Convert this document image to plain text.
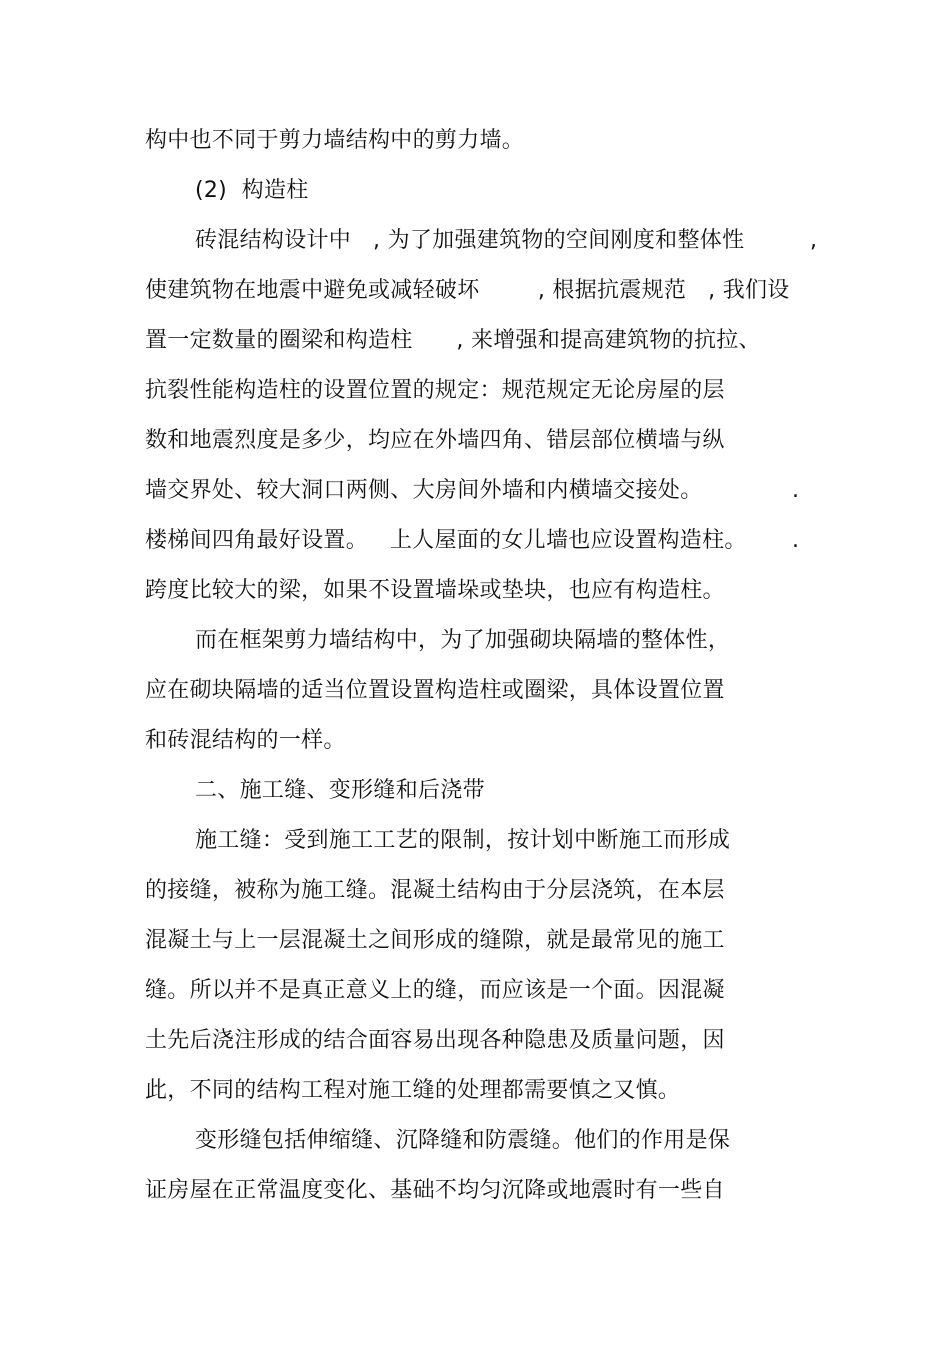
构中也不同于剪力墙结构中的剪力墙。
(2)  构造柱
砖混结构设计中   , 为了加强建筑物的空间刚度和整体性         ,
使建筑物在地震中避免或减轻破坏        , 根据抗震规范   , 我们设
置一定数量的圈梁和构造柱      , 来增强和提高建筑物的抗拉、
抗裂性能构造柱的设置位置的规定：规范规定无论房屋的层
数和地震烈度是多少，均应在外墙四角、错层部位横墙与纵
墙交界处、较大洞口两侧、大房间外墙和内横墙交接处。	.
楼梯间四角最好设置。   上人屋面的女儿墙也应设置构造柱。 .
跨度比较大的梁，如果不设置墙垛或垫块，也应有构造柱。
而在框架剪力墙结构中，为了加强砌块隔墙的整体性，
应在砌块隔墙的适当位置设置构造柱或圈梁，具体设置位置
和砖混结构的一样。
二、施工缝、变形缝和后浇带
施工缝：受到施工工艺的限制，按计划中断施工而形成
的接缝，被称为施工缝。混凝土结构由于分层浇筑，在本层
混凝土与上一层混凝土之间形成的缝隙，就是最常见的施工
缝。所以并不是真正意义上的缝，而应该是一个面。因混凝
土先后浇注形成的结合面容易出现各种隐患及质量问题，因
此，不同的结构工程对施工缝的处理都需要慎之又慎。
变形缝包括伸缩缝、沉降缝和防震缝。他们的作用是保
证房屋在正常温度变化、基础不均匀沉降或地震时有一些自
